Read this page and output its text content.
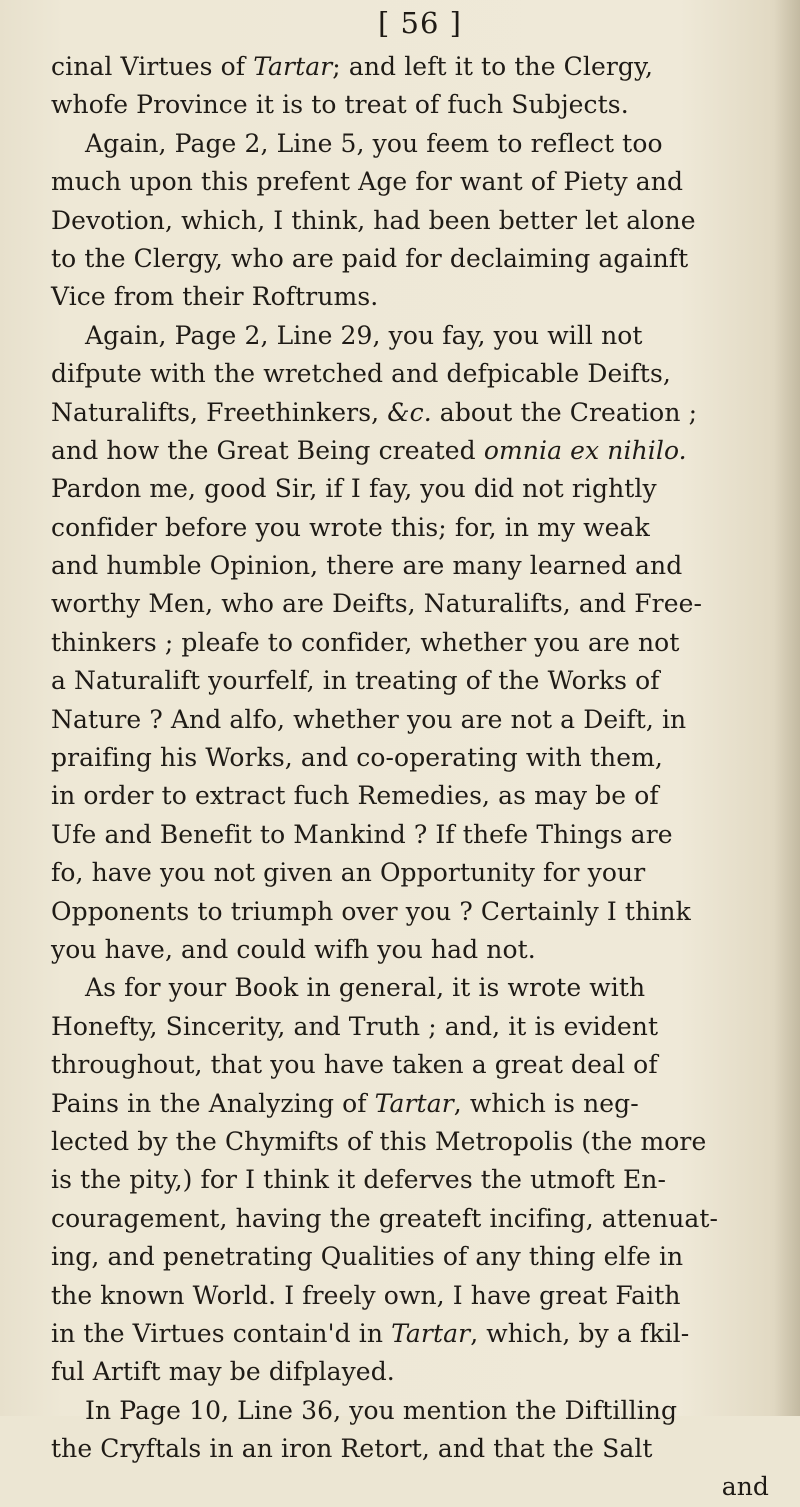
[ 56 ]
cinal Virtues of Tartar; and left it to the Clergy,
whofe Province it is to treat of fuch Subjects.
Again, Page 2, Line 5, you feem to reflect too
much upon this prefent Age for want of Piety and
Devotion, which, I think, had been better let alone
to the Clergy, who are paid for declaiming againft
Vice from their Roftrums.
Again, Page 2, Line 29, you fay, you will not
difpute with the wretched and defpicable Deifts,
Naturalifts, Freethinkers, &c. about the Creation ;
and how the Great Being created omnia ex nihilo.
Pardon me, good Sir, if I fay, you did not rightly
confider before you wrote this; for, in my weak
and humble Opinion, there are many learned and
worthy Men, who are Deifts, Naturalifts, and Free-
thinkers ; pleafe to confider, whether you are not
a Naturalift yourfelf, in treating of the Works of
Nature ? And alfo, whether you are not a Deift, in
praifing his Works, and co-operating with them,
in order to extract fuch Remedies, as may be of
Ufe and Benefit to Mankind ? If thefe Things are
fo, have you not given an Opportunity for your
Opponents to triumph over you ? Certainly I think
you have, and could wifh you had not.
As for your Book in general, it is wrote with
Honefty, Sincerity, and Truth ; and, it is evident
throughout, that you have taken a great deal of
Pains in the Analyzing of Tartar, which is neg-
lected by the Chymifts of this Metropolis (the more
is the pity,) for I think it deferves the utmoft En-
couragement, having the greateft incifing, attenuat-
ing, and penetrating Qualities of any thing elfe in
the known World. I freely own, I have great Faith
in the Virtues contain'd in Tartar, which, by a fkil-
ful Artift may be difplayed.
In Page 10, Line 36, you mention the Diftilling
the Cryftals in an iron Retort, and that the Salt
and
